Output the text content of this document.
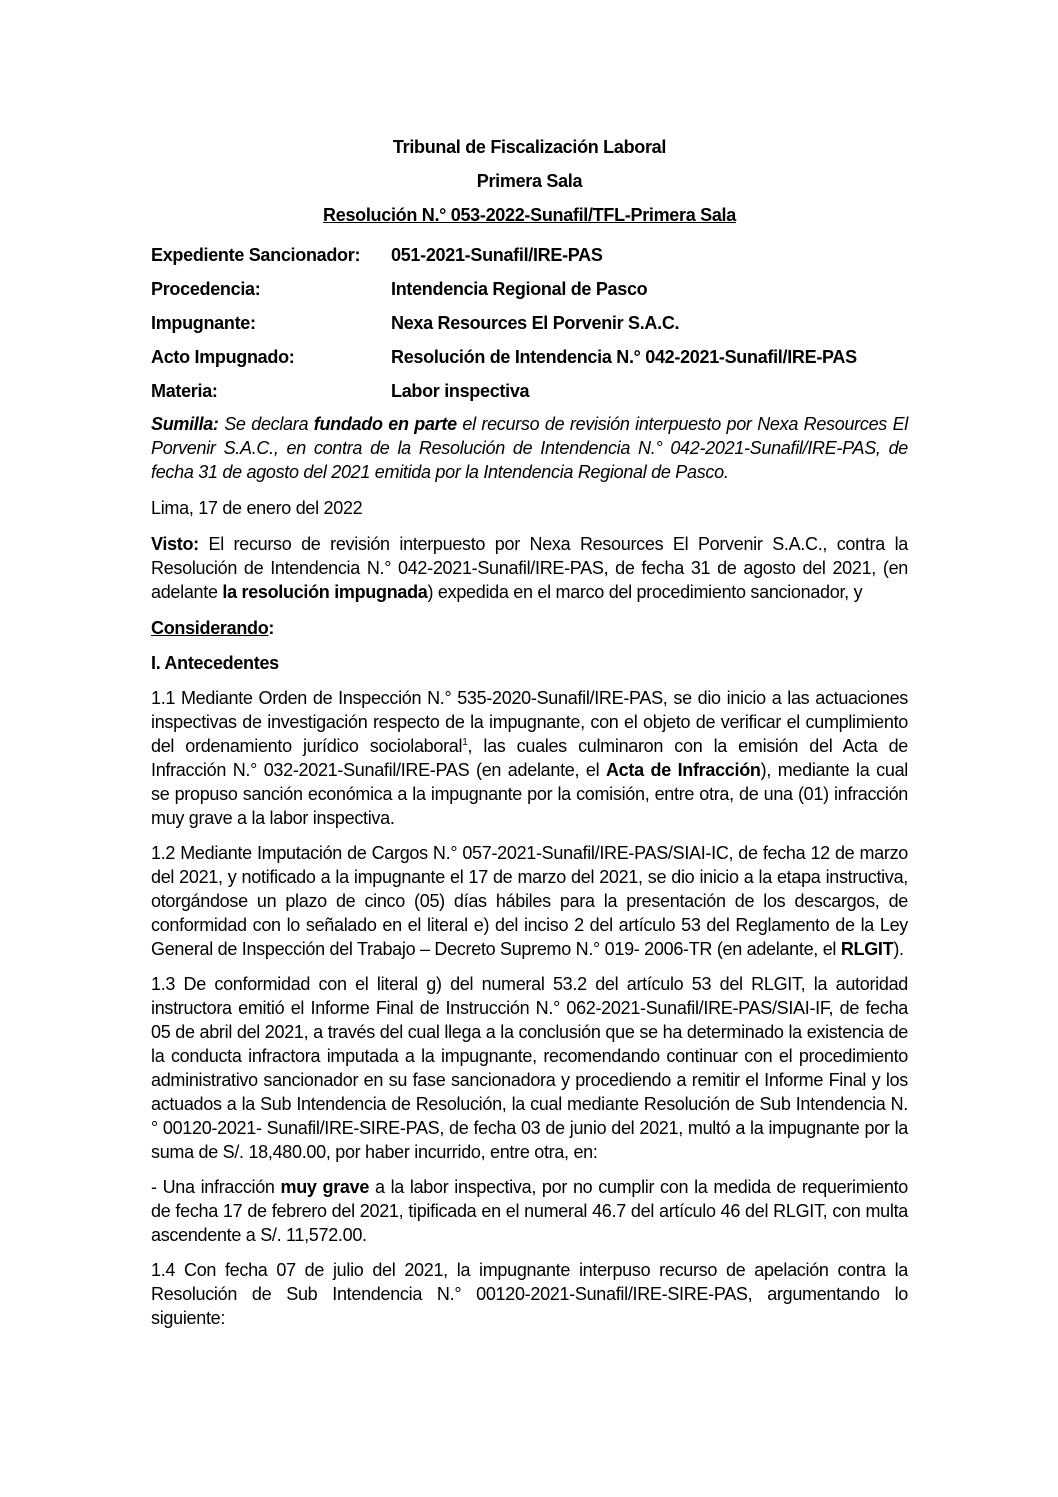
Tribunal de Fiscalización Laboral

Primera Sala

Resolución N.° 053-2022-Sunafil/TFL-Primera Sala

Expediente Sancionador:	051-2021-Sunafil/IRE-PAS
Procedencia:	Intendencia Regional de Pasco
Impugnante:	Nexa Resources El Porvenir S.A.C.
Acto Impugnado:	Resolución de Intendencia N.° 042-2021-Sunafil/IRE-PAS
Materia:	Labor inspectiva

Sumilla: Se declara fundado en parte el recurso de revisión interpuesto por Nexa Resources El Porvenir S.A.C., en contra de la Resolución de Intendencia N.° 042-2021-Sunafil/IRE-PAS, de fecha 31 de agosto del 2021 emitida por la Intendencia Regional de Pasco.

Lima, 17 de enero del 2022

Visto: El recurso de revisión interpuesto por Nexa Resources El Porvenir S.A.C., contra la Resolución de Intendencia N.° 042-2021-Sunafil/IRE-PAS, de fecha 31 de agosto del 2021, (en adelante la resolución impugnada) expedida en el marco del procedimiento sancionador, y

Considerando:

I. Antecedentes

1.1 Mediante Orden de Inspección N.° 535-2020-Sunafil/IRE-PAS, se dio inicio a las actuaciones inspectivas de investigación respecto de la impugnante, con el objeto de verificar el cumplimiento del ordenamiento jurídico sociolaboral$^1$, las cuales culminaron con la emisión del Acta de Infracción N.° 032-2021-Sunafil/IRE-PAS (en adelante, el Acta de Infracción), mediante la cual se propuso sanción económica a la impugnante por la comisión, entre otra, de una (01) infracción muy grave a la labor inspectiva.

1.2 Mediante Imputación de Cargos N.° 057-2021-Sunafil/IRE-PAS/SIAI-IC, de fecha 12 de marzo del 2021, y notificado a la impugnante el 17 de marzo del 2021, se dio inicio a la etapa instructiva, otorgándose un plazo de cinco (05) días hábiles para la presentación de los descargos, de conformidad con lo señalado en el literal e) del inciso 2 del artículo 53 del Reglamento de la Ley General de Inspección del Trabajo – Decreto Supremo N.° 019- 2006-TR (en adelante, el RLGIT).

1.3 De conformidad con el literal g) del numeral 53.2 del artículo 53 del RLGIT, la autoridad instructora emitió el Informe Final de Instrucción N.° 062-2021-Sunafil/IRE-PAS/SIAI-IF, de fecha 05 de abril del 2021, a través del cual llega a la conclusión que se ha determinado la existencia de la conducta infractora imputada a la impugnante, recomendando continuar con el procedimiento administrativo sancionador en su fase sancionadora y procediendo a remitir el Informe Final y los actuados a la Sub Intendencia de Resolución, la cual mediante Resolución de Sub Intendencia N.° 00120-2021- Sunafil/IRE-SIRE-PAS, de fecha 03 de junio del 2021, multó a la impugnante por la suma de S/. 18,480.00, por haber incurrido, entre otra, en:

- Una infracción muy grave a la labor inspectiva, por no cumplir con la medida de requerimiento de fecha 17 de febrero del 2021, tipificada en el numeral 46.7 del artículo 46 del RLGIT, con multa ascendente a S/. 11,572.00.

1.4 Con fecha 07 de julio del 2021, la impugnante interpuso recurso de apelación contra la Resolución de Sub Intendencia N.° 00120-2021-Sunafil/IRE-SIRE-PAS, argumentando lo siguiente:
